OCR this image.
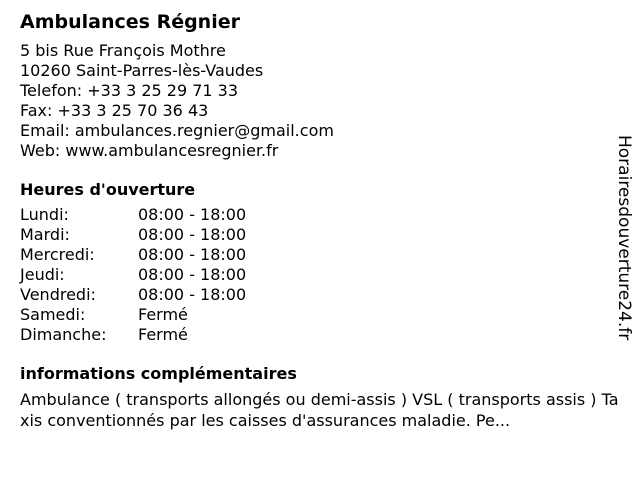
Ambulances Régnier
5 bis Rue François Mothre
10260 Saint-Parres-lès-Vaudes
Telefon: +33 3 25 29 71 33
Fax: +33 3 25 70 36 43
Email: ambulances.regnier@gmail.com
Web: www.ambulancesregnier.fr
Heures d'ouverture
Lundi:	08:00 - 18:00
Mardi:	08:00 - 18:00
Mercredi:	08:00 - 18:00
Jeudi:	08:00 - 18:00
Vendredi:	08:00 - 18:00
Samedi:	Fermé
Dimanche:	Fermé
informations complémentaires

Ambulance ( transports allongés ou demi-assis ) VSL ( transports assis ) Taxis conventionnés par les caisses d'assurances maladie. Pe...

Horairesdouverture24.fr
